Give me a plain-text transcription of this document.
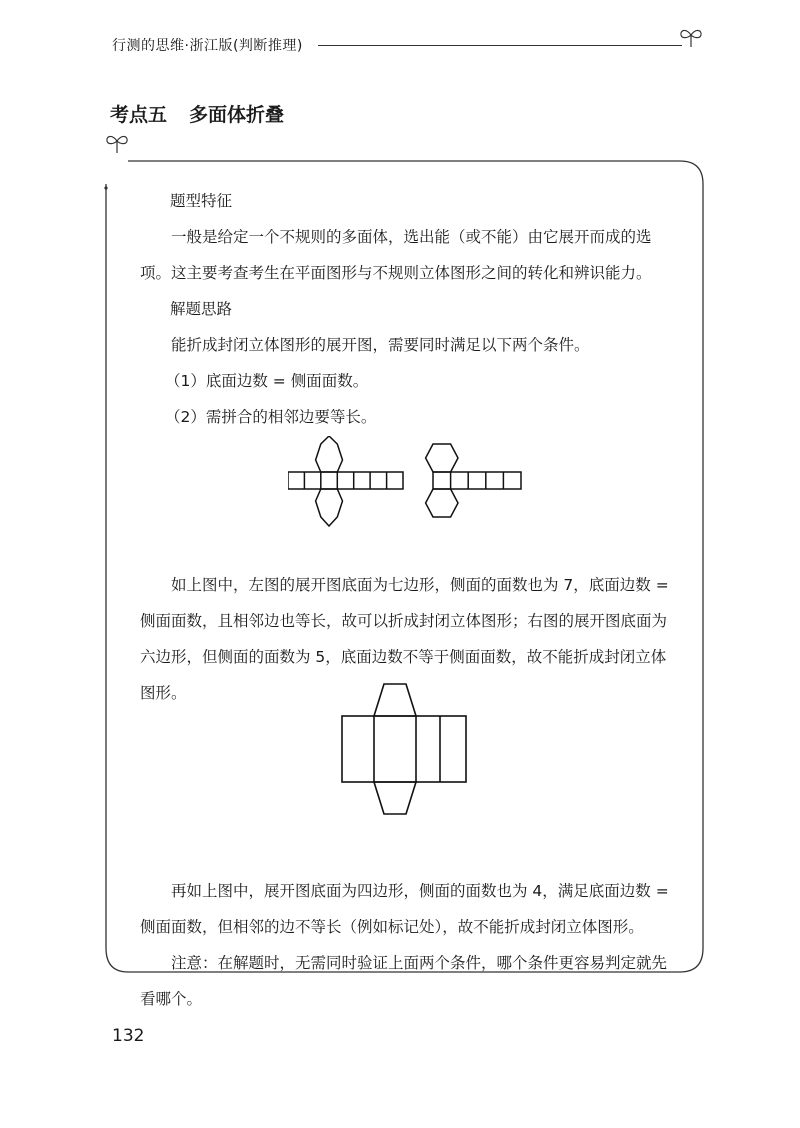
行测的思维·浙江版(判断推理)
考点五 多面体折叠

题型特征

一般是给定一个不规则的多面体，选出能（或不能）由它展开而成的选项。这主要考查考生在平面图形与不规则立体图形之间的转化和辨识能力。

解题思路

能折成封闭立体图形的展开图，需要同时满足以下两个条件。

（1）底面边数 = 侧面面数。

（2）需拼合的相邻边要等长。

如上图中，左图的展开图底面为七边形，侧面的面数也为 7，底面边数 = 侧面面数，且相邻边也等长，故可以折成封闭立体图形；右图的展开图底面为六边形，但侧面的面数为 5，底面边数不等于侧面面数，故不能折成封闭立体图形。

再如上图中，展开图底面为四边形，侧面的面数也为 4，满足底面边数 = 侧面面数，但相邻的边不等长（例如标记处），故不能折成封闭立体图形。

注意：在解题时，无需同时验证上面两个条件，哪个条件更容易判定就先看哪个。

132
